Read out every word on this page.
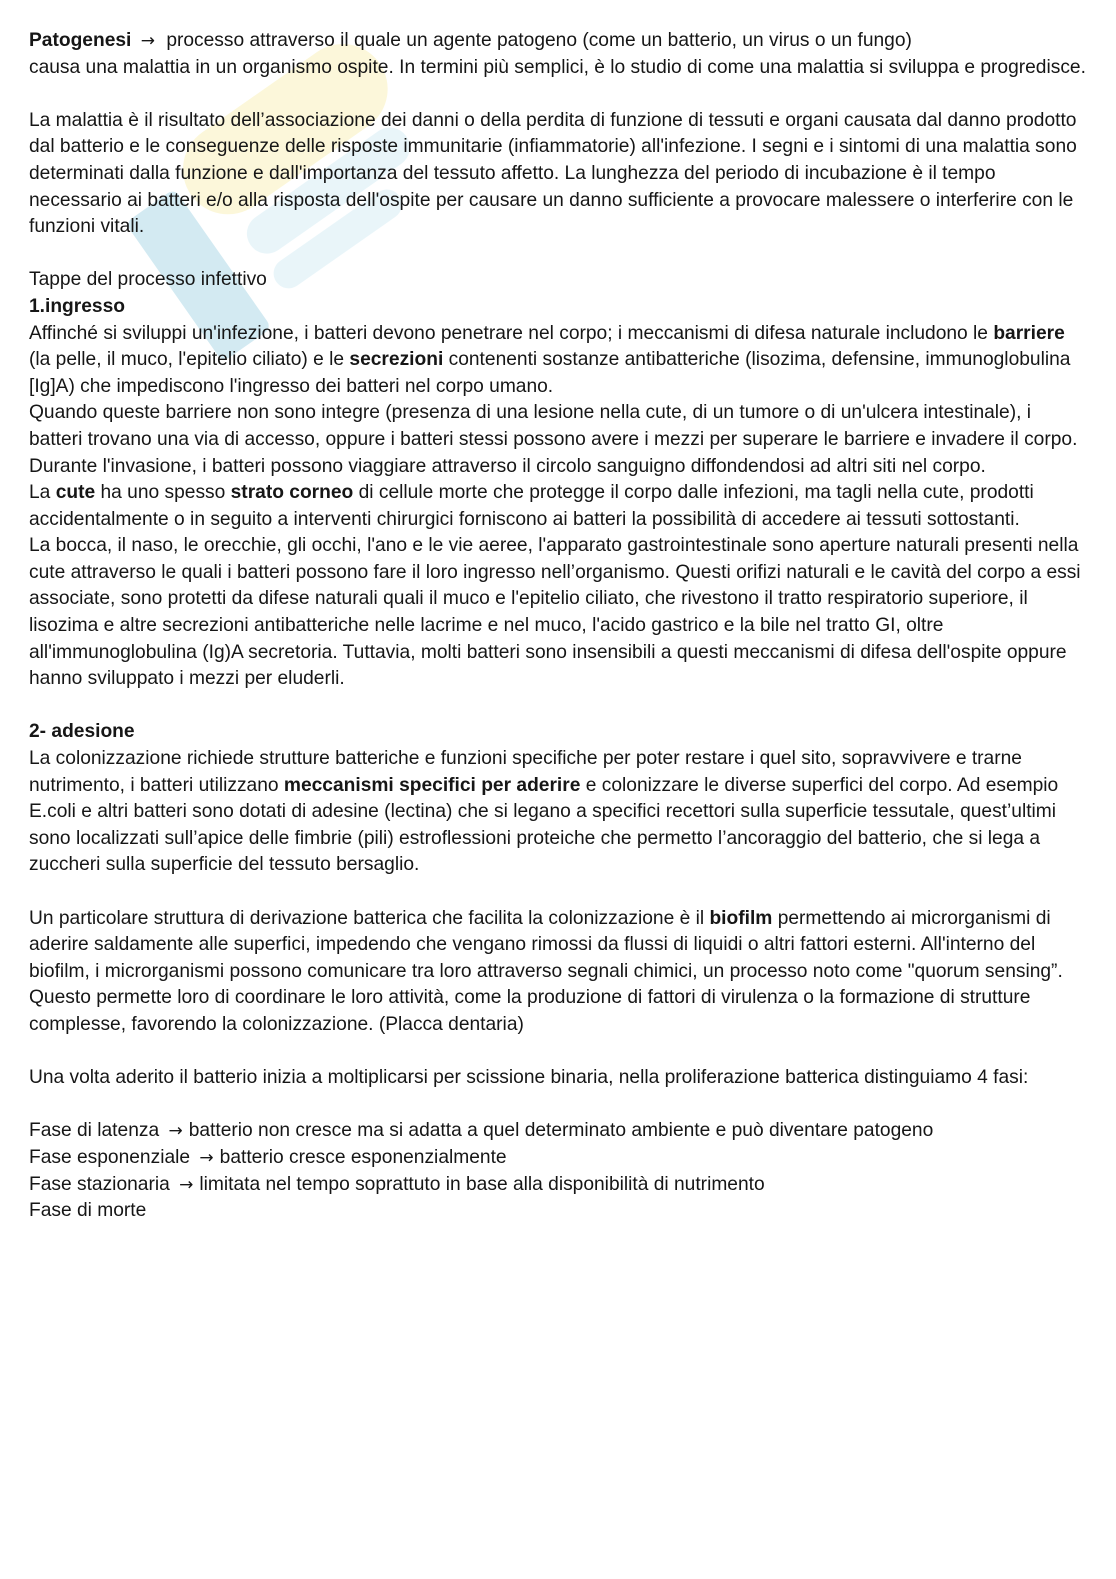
Patogenesi → processo attraverso il quale un agente patogeno (come un batterio, un virus o un fungo)

causa una malattia in un organismo ospite. In termini più semplici, è lo studio di come una malattia si sviluppa e progredisce.

La malattia è il risultato dell’associazione dei danni o della perdita di funzione di tessuti e organi causata dal danno prodotto dal batterio e le conseguenze delle risposte immunitarie (infiammatorie) all'infezione. I segni e i sintomi di una malattia sono determinati dalla funzione e dall'importanza del tessuto affetto. La lunghezza del periodo di incubazione è il tempo necessario ai batteri e/o alla risposta dell'ospite per causare un danno sufficiente a provocare malessere o interferire con le funzioni vitali.

Tappe del processo infettivo

1.ingresso

Affinché si sviluppi un'infezione, i batteri devono penetrare nel corpo; i meccanismi di difesa naturale includono le barriere (la pelle, il muco, l'epitelio ciliato) e le secrezioni contenenti sostanze antibatteriche (lisozima, defensine, immunoglobulina [Ig]A) che impediscono l'ingresso dei batteri nel corpo umano.

Quando queste barriere non sono integre (presenza di una lesione nella cute, di un tumore o di un'ulcera intestinale), i batteri trovano una via di accesso, oppure i batteri stessi possono avere i mezzi per superare le barriere e invadere il corpo.

Durante l'invasione, i batteri possono viaggiare attraverso il circolo sanguigno diffondendosi ad altri siti nel corpo.

La cute ha uno spesso strato corneo di cellule morte che protegge il corpo dalle infezioni, ma tagli nella cute, prodotti accidentalmente o in seguito a interventi chirurgici forniscono ai batteri la possibilità di accedere ai tessuti sottostanti.

La bocca, il naso, le orecchie, gli occhi, l'ano e le vie aeree, l'apparato gastrointestinale sono aperture naturali presenti nella cute attraverso le quali i batteri possono fare il loro ingresso nell’organismo. Questi orifizi naturali e le cavità del corpo a essi associate, sono protetti da difese naturali quali il muco e l'epitelio ciliato, che rivestono il tratto respiratorio superiore, il lisozima e altre secrezioni antibatteriche nelle lacrime e nel muco, l'acido gastrico e la bile nel tratto GI, oltre all'immunoglobulina (Ig)A secretoria. Tuttavia, molti batteri sono insensibili a questi meccanismi di difesa dell'ospite oppure hanno sviluppato i mezzi per eluderli.

2- adesione

La colonizzazione richiede strutture batteriche e funzioni specifiche per poter restare i quel sito, sopravvivere e trarne nutrimento, i batteri utilizzano meccanismi specifici per aderire e colonizzare le diverse superfici del corpo. Ad esempio E.coli e altri batteri sono dotati di adesine (lectina) che si legano a specifici recettori sulla superficie tessutale, quest’ultimi sono localizzati sull’apice delle fimbrie (pili) estroflessioni proteiche che permetto l’ancoraggio del batterio, che si lega a zuccheri sulla superficie del tessuto bersaglio.

Un particolare struttura di derivazione batterica che facilita la colonizzazione è il biofilm permettendo ai microrganismi di aderire saldamente alle superfici, impedendo che vengano rimossi da flussi di liquidi o altri fattori esterni. All'interno del biofilm, i microrganismi possono comunicare tra loro attraverso segnali chimici, un processo noto come "quorum sensing”. Questo permette loro di coordinare le loro attività, come la produzione di fattori di virulenza o la formazione di strutture complesse, favorendo la colonizzazione. (Placca dentaria)

Una volta aderito il batterio inizia a moltiplicarsi per scissione binaria, nella proliferazione batterica distinguiamo 4 fasi:

Fase di latenza → batterio non cresce ma si adatta a quel determinato ambiente e può diventare patogeno

Fase esponenziale → batterio cresce esponenzialmente

Fase stazionaria → limitata nel tempo soprattuto in base alla disponibilità di nutrimento

Fase di morte
